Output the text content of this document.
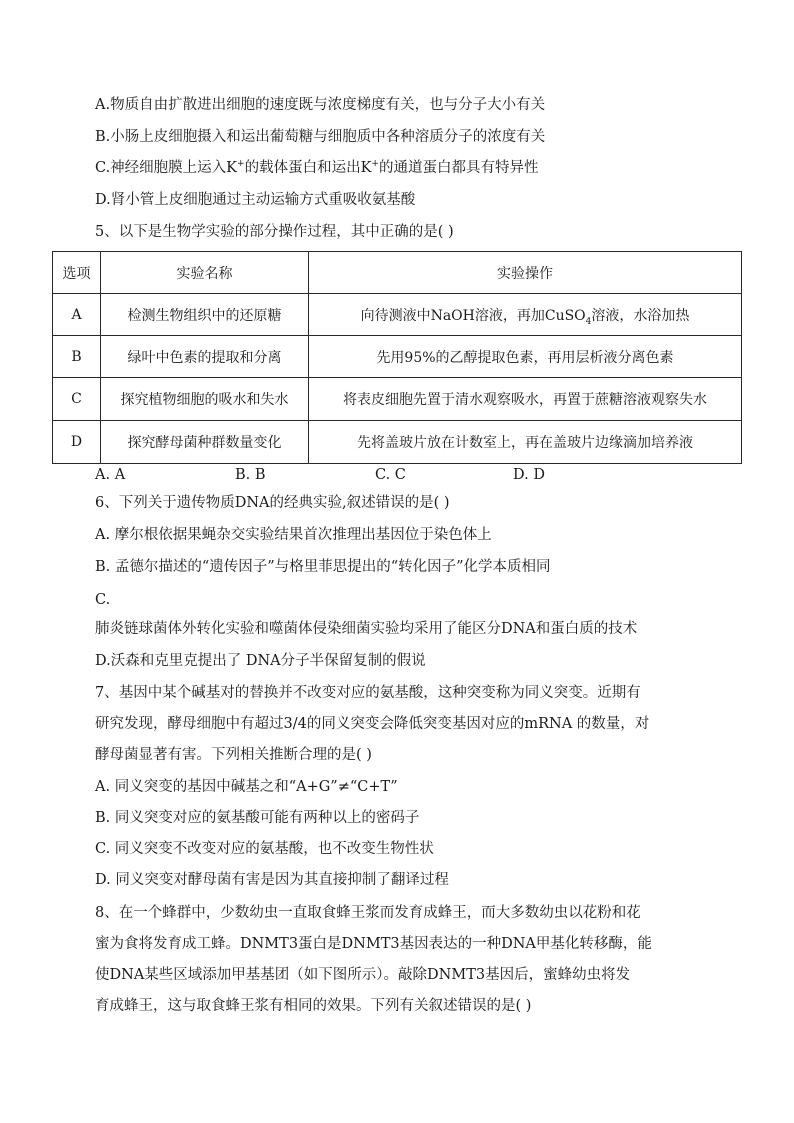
A.物质自由扩散进出细胞的速度既与浓度梯度有关，也与分子大小有关
B.小肠上皮细胞摄入和运出葡萄糖与细胞质中各种溶质分子的浓度有关
C.神经细胞膜上运入K+的载体蛋白和运出K+的通道蛋白都具有特异性
D.肾小管上皮细胞通过主动运输方式重吸收氨基酸
5、以下是生物学实验的部分操作过程，其中正确的是( )
选项	实验名称	实验操作
A	检测生物组织中的还原糖	向待测液中NaOH溶液，再加CuSO$_4$溶液，水浴加热
B	绿叶中色素的提取和分离	先用95%的乙醇提取色素，再用层析液分离色素
C	探究植物细胞的吸水和失水	将表皮细胞先置于清水观察吸水，再置于蔗糖溶液观察失水
D	探究酵母菌种群数量变化	先将盖玻片放在计数室上，再在盖玻片边缘滴加培养液
A. A	B. B	C. C	D. D
6、下列关于遗传物质DNA的经典实验,叙述错误的是( )
A. 摩尔根依据果蝇杂交实验结果首次推理出基因位于染色体上
B. 孟德尔描述的“遗传因子”与格里菲思提出的“转化因子”化学本质相同
C.
肺炎链球菌体外转化实验和噬菌体侵染细菌实验均采用了能区分DNA和蛋白质的技术
D.沃森和克里克提出了 DNA分子半保留复制的假说
7、基因中某个碱基对的替换并不改变对应的氨基酸，这种突变称为同义突变。近期有
研究发现，酵母细胞中有超过3/4的同义突变会降低突变基因对应的mRNA 的数量，对
酵母菌显著有害。下列相关推断合理的是( )
A. 同义突变的基因中碱基之和“A+G”≠“C+T”
B. 同义突变对应的氨基酸可能有两种以上的密码子
C. 同义突变不改变对应的氨基酸，也不改变生物性状
D. 同义突变对酵母菌有害是因为其直接抑制了翻译过程
8、在一个蜂群中，少数幼虫一直取食蜂王浆而发育成蜂王，而大多数幼虫以花粉和花
蜜为食将发育成工蜂。DNMT3蛋白是DNMT3基因表达的一种DNA甲基化转移酶，能
使DNA某些区域添加甲基基团（如下图所示）。敲除DNMT3基因后，蜜蜂幼虫将发
育成蜂王，这与取食蜂王浆有相同的效果。下列有关叙述错误的是( )
